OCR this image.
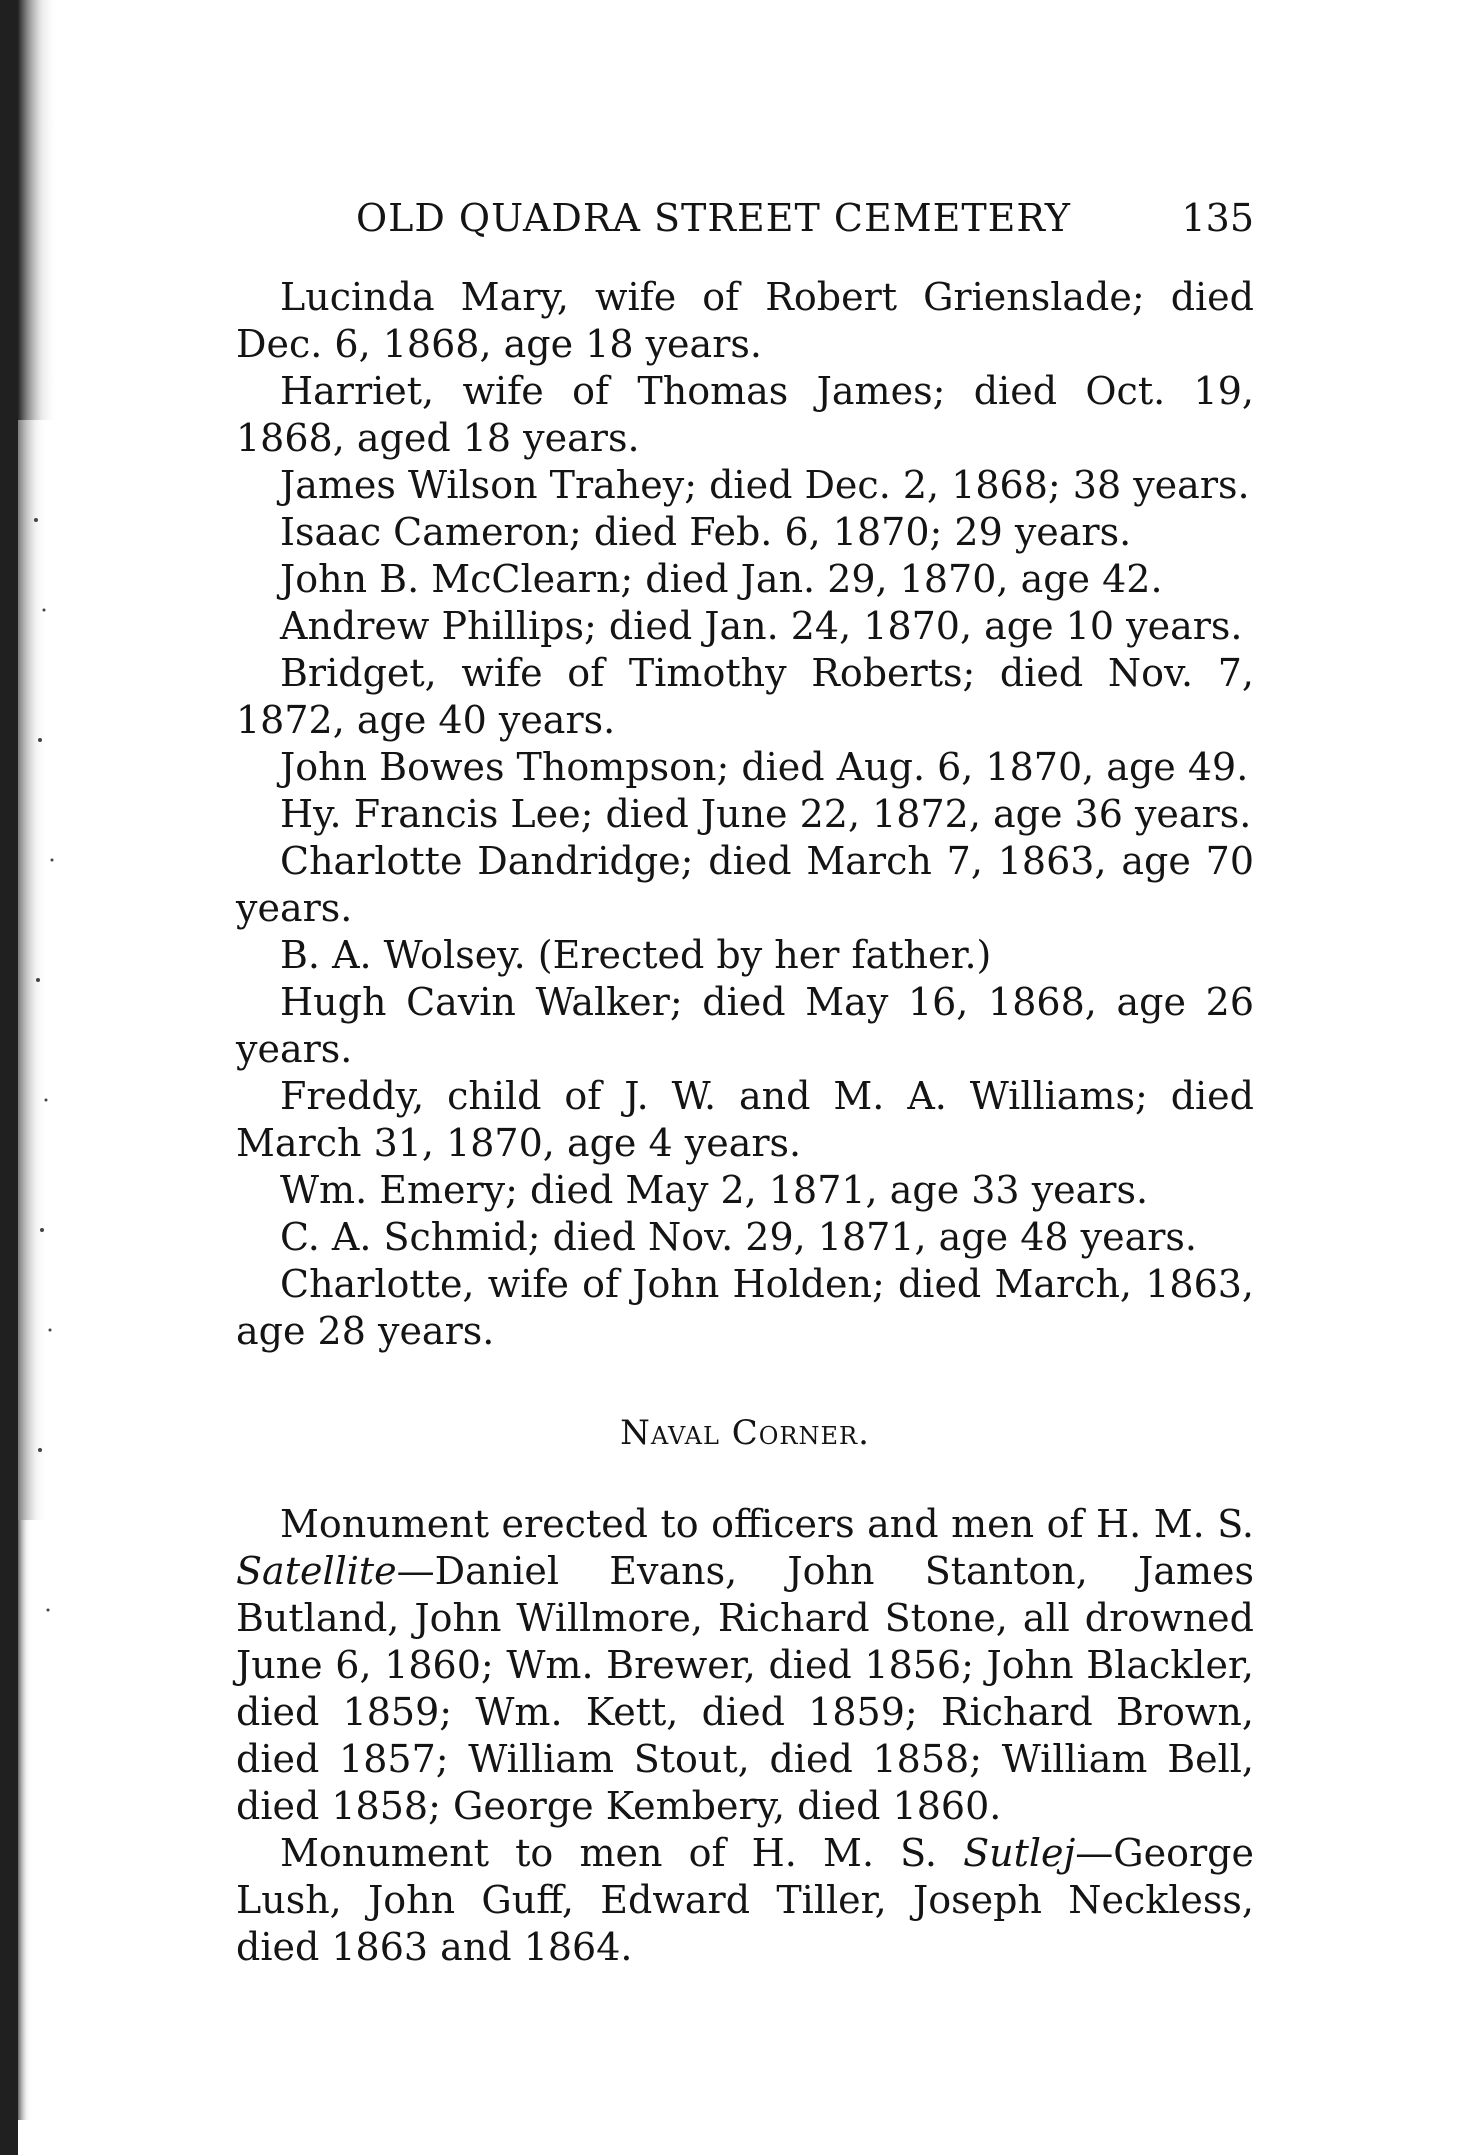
OLD QUADRA STREET CEMETERY	135

Lucinda Mary, wife of Robert Grienslade; died Dec. 6, 1868, age 18 years.

Harriet, wife of Thomas James; died Oct. 19, 1868, aged 18 years.

James Wilson Trahey; died Dec. 2, 1868; 38 years.

Isaac Cameron; died Feb. 6, 1870; 29 years.

John B. McClearn; died Jan. 29, 1870, age 42.

Andrew Phillips; died Jan. 24, 1870, age 10 years.

Bridget, wife of Timothy Roberts; died Nov. 7, 1872, age 40 years.

John Bowes Thompson; died Aug. 6, 1870, age 49.

Hy. Francis Lee; died June 22, 1872, age 36 years.

Charlotte Dandridge; died March 7, 1863, age 70 years.

B. A. Wolsey. (Erected by her father.)

Hugh Cavin Walker; died May 16, 1868, age 26 years.

Freddy, child of J. W. and M. A. Williams; died March 31, 1870, age 4 years.

Wm. Emery; died May 2, 1871, age 33 years.

C. A. Schmid; died Nov. 29, 1871, age 48 years.

Charlotte, wife of John Holden; died March, 1863, age 28 years.

Naval Corner.

Monument erected to officers and men of H. M. S. Satellite—Daniel Evans, John Stanton, James Butland, John Willmore, Richard Stone, all drowned June 6, 1860; Wm. Brewer, died 1856; John Blackler, died 1859; Wm. Kett, died 1859; Richard Brown, died 1857; William Stout, died 1858; William Bell, died 1858; George Kembery, died 1860.

Monument to men of H. M. S. Sutlej—George Lush, John Guff, Edward Tiller, Joseph Neckless, died 1863 and 1864.
